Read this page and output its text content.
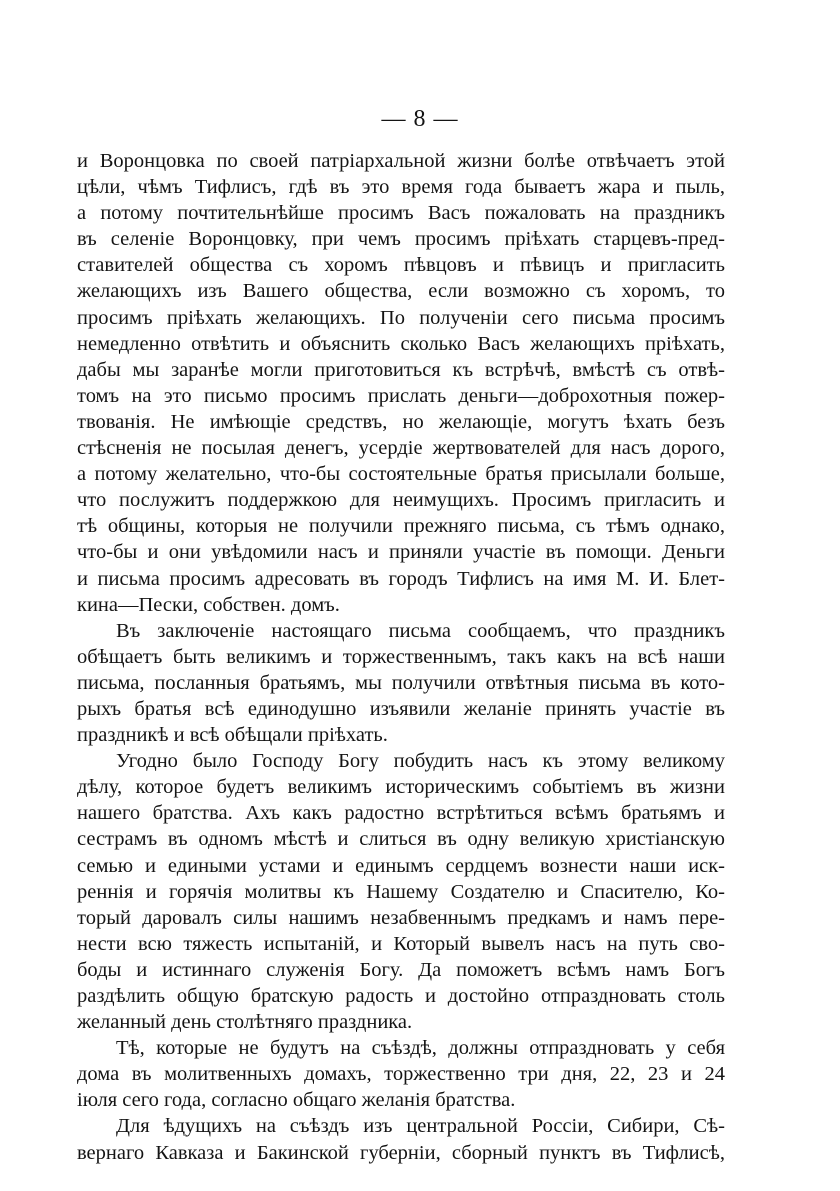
— 8 —
и Воронцовка по своей патріархальной жизни болѣе отвѣчаетъ этой
цѣли, чѣмъ Тифлисъ, гдѣ въ это время года бываетъ жара и пыль,
а потому почтительнѣйше просимъ Васъ пожаловать на праздникъ
въ селеніе Воронцовку, при чемъ просимъ пріѣхать старцевъ-пред-
ставителей общества съ хоромъ пѣвцовъ и пѣвицъ и пригласить
желающихъ изъ Вашего общества, если возможно съ хоромъ, то
просимъ пріѣхать желающихъ. По полученіи сего письма просимъ
немедленно отвѣтить и объяснить сколько Васъ желающихъ пріѣхать,
дабы мы заранѣе могли приготовиться къ встрѣчѣ, вмѣстѣ съ отвѣ-
томъ на это письмо просимъ прислать деньги—доброхотныя пожер-
твованія. Не имѣющіе средствъ, но желающіе, могутъ ѣхать безъ
стѣсненія не посылая денегъ, усердіе жертвователей для насъ дорого,
а потому желательно, что-бы состоятельные братья присылали больше,
что послужитъ поддержкою для неимущихъ. Просимъ пригласить и
тѣ общины, которыя не получили прежняго письма, съ тѣмъ однако,
что-бы и они увѣдомили насъ и приняли участіе въ помощи. Деньги
и письма просимъ адресовать въ городъ Тифлисъ на имя М. И. Блет-
кина—Пески, собствен. домъ.
Въ заключеніе настоящаго письма сообщаемъ, что праздникъ
обѣщаетъ быть великимъ и торжественнымъ, такъ какъ на всѣ наши
письма, посланныя братьямъ, мы получили отвѣтныя письма въ кото-
рыхъ братья всѣ единодушно изъявили желаніе принять участіе въ
праздникѣ и всѣ обѣщали пріѣхать.
Угодно было Господу Богу побудить насъ къ этому великому
дѣлу, которое будетъ великимъ историческимъ событіемъ въ жизни
нашего братства. Ахъ какъ радостно встрѣтиться всѣмъ братьямъ и
сестрамъ въ одномъ мѣстѣ и слиться въ одну великую христіанскую
семью и едиными устами и единымъ сердцемъ вознести наши иск-
реннія и горячія молитвы къ Нашему Создателю и Спасителю, Ко-
торый даровалъ силы нашимъ незабвеннымъ предкамъ и намъ пере-
нести всю тяжесть испытаній, и Который вывелъ насъ на путь сво-
боды и истиннаго служенія Богу. Да поможетъ всѣмъ намъ Богъ
раздѣлить общую братскую радость и достойно отпраздновать столь
желанный день столѣтняго праздника.
Тѣ, которые не будутъ на съѣздѣ, должны отпраздновать у себя
дома въ молитвенныхъ домахъ, торжественно три дня, 22, 23 и 24
іюля сего года, согласно общаго желанія братства.
Для ѣдущихъ на съѣздъ изъ центральной Россіи, Сибири, Сѣ-
вернаго Кавказа и Бакинской губерніи, сборный пунктъ въ Тифлисѣ,
